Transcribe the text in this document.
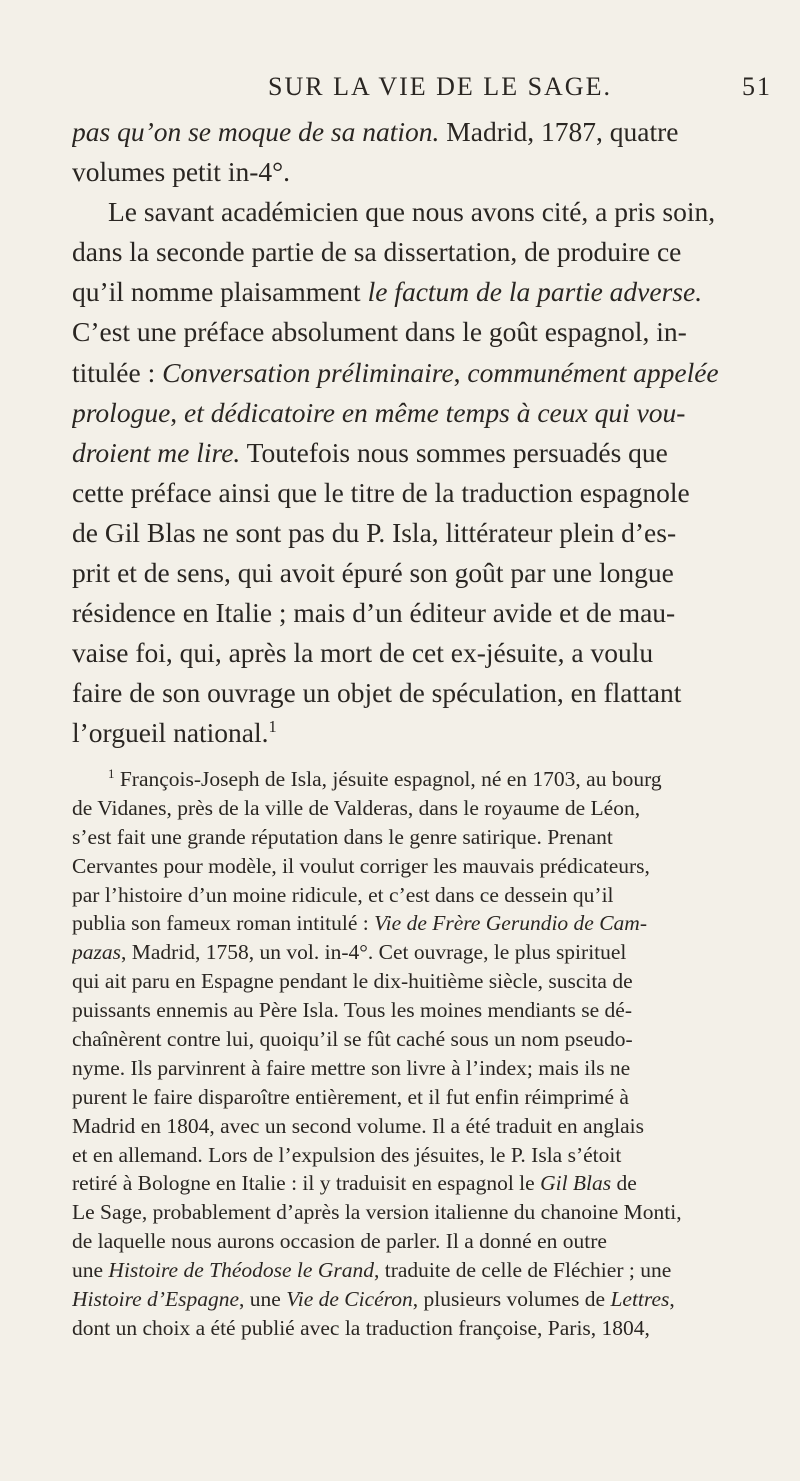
SUR LA VIE DE LE SAGE.	51
pas qu’on se moque de sa nation. Madrid, 1787, quatre
volumes petit in-4°.
Le savant académicien que nous avons cité, a pris soin,
dans la seconde partie de sa dissertation, de produire ce
qu’il nomme plaisamment le factum de la partie adverse.
C’est une préface absolument dans le goût espagnol, in-
titulée : Conversation préliminaire, communément appelée
prologue, et dédicatoire en même temps à ceux qui vou-
droient me lire. Toutefois nous sommes persuadés que
cette préface ainsi que le titre de la traduction espagnole
de Gil Blas ne sont pas du P. Isla, littérateur plein d’es-
prit et de sens, qui avoit épuré son goût par une longue
résidence en Italie ; mais d’un éditeur avide et de mau-
vaise foi, qui, après la mort de cet ex-jésuite, a voulu
faire de son ouvrage un objet de spéculation, en flattant
l’orgueil national.$^1$
$^1$ François-Joseph de Isla, jésuite espagnol, né en 1703, au bourg
de Vidanes, près de la ville de Valderas, dans le royaume de Léon,
s’est fait une grande réputation dans le genre satirique. Prenant
Cervantes pour modèle, il voulut corriger les mauvais prédicateurs,
par l’histoire d’un moine ridicule, et c’est dans ce dessein qu’il
publia son fameux roman intitulé : Vie de Frère Gerundio de Cam-
pazas, Madrid, 1758, un vol. in-4°. Cet ouvrage, le plus spirituel
qui ait paru en Espagne pendant le dix-huitième siècle, suscita de
puissants ennemis au Père Isla. Tous les moines mendiants se dé-
chaînèrent contre lui, quoiqu’il se fût caché sous un nom pseudo-
nyme. Ils parvinrent à faire mettre son livre à l’index; mais ils ne
purent le faire disparoître entièrement, et il fut enfin réimprimé à
Madrid en 1804, avec un second volume. Il a été traduit en anglais
et en allemand. Lors de l’expulsion des jésuites, le P. Isla s’étoit
retiré à Bologne en Italie : il y traduisit en espagnol le Gil Blas de
Le Sage, probablement d’après la version italienne du chanoine Monti,
de laquelle nous aurons occasion de parler. Il a donné en outre
une Histoire de Théodose le Grand, traduite de celle de Fléchier ; une
Histoire d’Espagne, une Vie de Cicéron, plusieurs volumes de Lettres,
dont un choix a été publié avec la traduction françoise, Paris, 1804,
